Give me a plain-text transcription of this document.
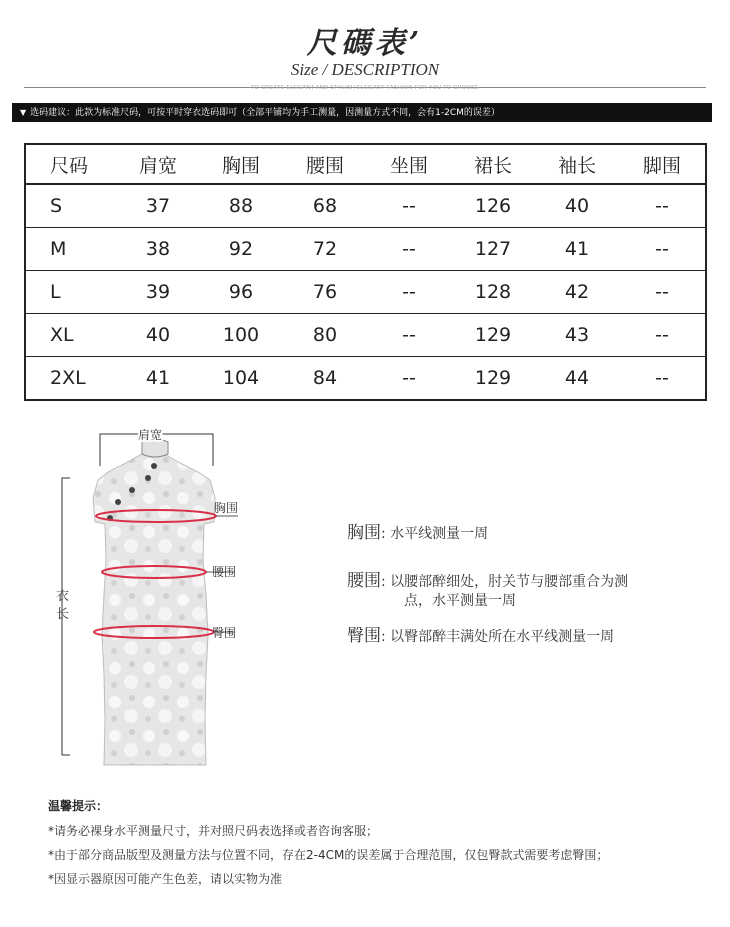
尺碼表’
Size / DESCRIPTION
TO CREATE ELEGANT AND STYLISH ELEGANT FASHION FOR YOU TO CHOOSE
▼ 选码建议：此款为标准尺码，可按平时穿衣选码即可（全部平铺均为手工测量，因测量方式不同，会有1-2CM的误差）
尺码	肩宽	胸围	腰围	坐围	裙长	袖长	脚围
S	37	88	68	--	126	40	--
M	38	92	72	--	127	41	--
L	39	96	76	--	128	42	--
XL	40	100	80	--	129	43	--
2XL	41	104	84	--	129	44	--
肩宽
衣
长
胸围
腰围
臀围
胸围: 水平线测量一周
腰围: 以腰部醉细处，肘关节与腰部重合为测
点，水平测量一周
臀围: 以臀部醉丰满处所在水平线测量一周
温馨提示：
*请务必裸身水平测量尺寸，并对照尺码表选择或者咨询客服；
*由于部分商品版型及测量方法与位置不同，存在2-4CM的误差属于合理范围，仅包臀款式需要考虑臀围；
*因显示器原因可能产生色差，请以实物为准
